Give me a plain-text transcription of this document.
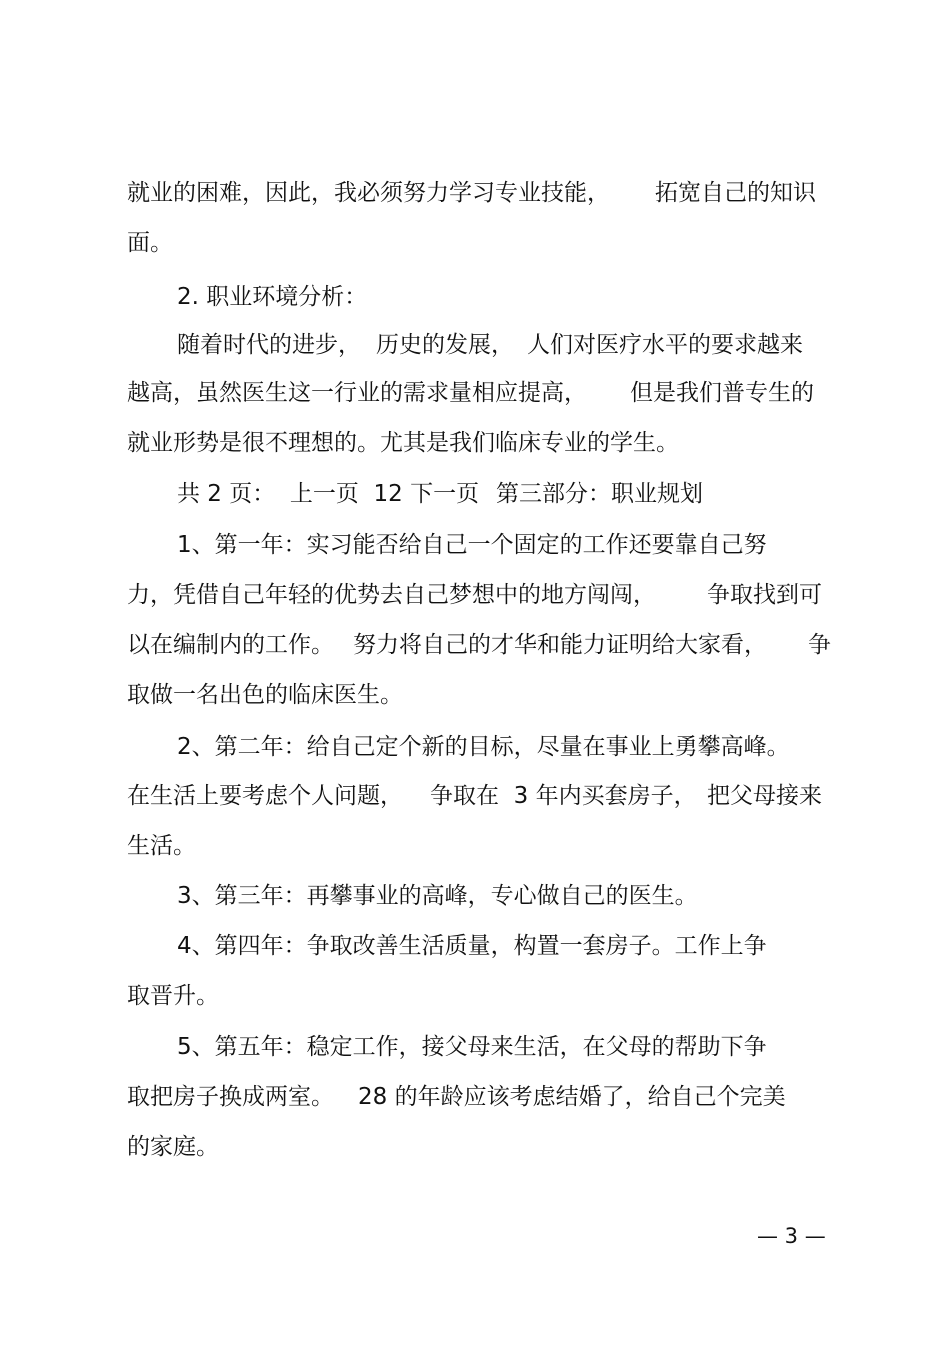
就业的困难，因此，我必须努力学习专业技能， 拓宽自己的知识
面。
2. 职业环境分析：
随着时代的进步， 历史的发展， 人们对医疗水平的要求越来
越高，虽然医生这一行业的需求量相应提高， 但是我们普专生的
就业形势是很不理想的。尤其是我们临床专业的学生。
共 2 页：  上一页  12 下一页 第三部分：职业规划
1、第一年：实习能否给自己一个固定的工作还要靠自己努
力，凭借自己年轻的优势去自己梦想中的地方闯闯， 争取找到可
以在编制内的工作。 努力将自己的才华和能力证明给大家看， 争
取做一名出色的临床医生。
2、第二年：给自己定个新的目标，尽量在事业上勇攀高峰。
在生活上要考虑个人问题， 争取在  3 年内买套房子， 把父母接来
生活。
3、第三年：再攀事业的高峰，专心做自己的医生。
4、第四年：争取改善生活质量，构置一套房子。工作上争
取晋升。
5、第五年：稳定工作，接父母来生活，在父母的帮助下争
取把房子换成两室。 28 的年龄应该考虑结婚了，给自己个完美
的家庭。
— 3 —
